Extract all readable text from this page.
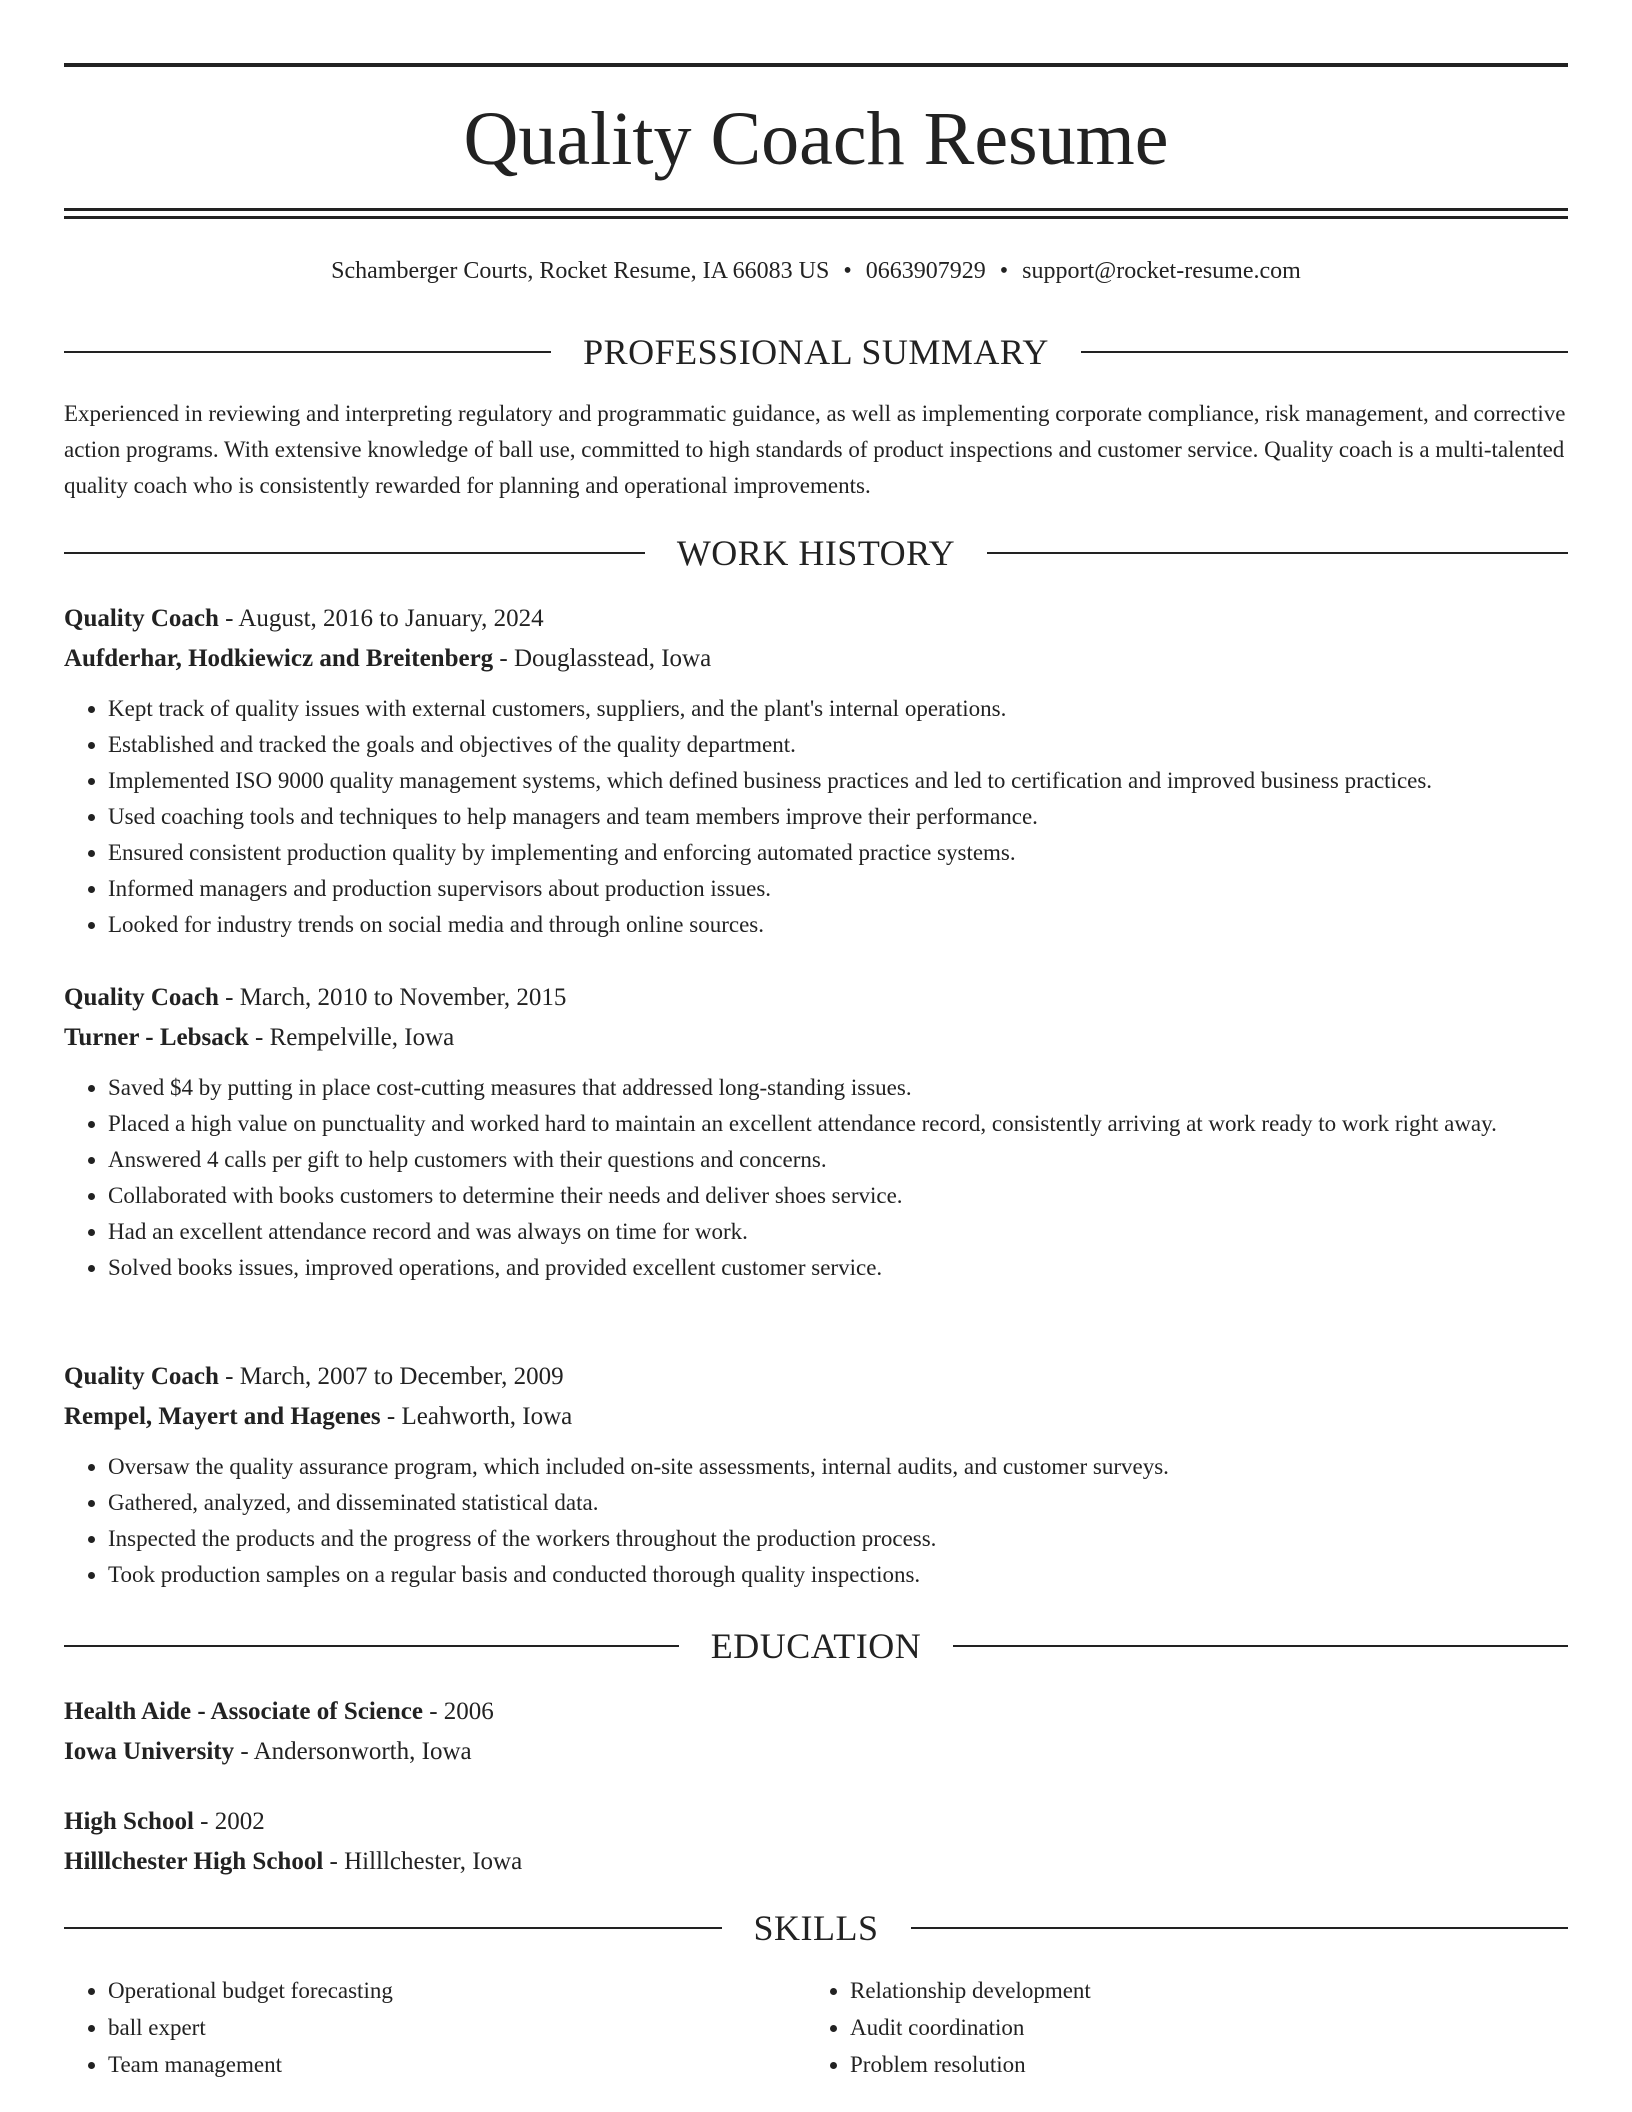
Quality Coach Resume
Schamberger Courts, Rocket Resume, IA 66083 US • 0663907929 • support@rocket-resume.com
PROFESSIONAL SUMMARY
Experienced in reviewing and interpreting regulatory and programmatic guidance, as well as implementing corporate compliance, risk management, and corrective action programs. With extensive knowledge of ball use, committed to high standards of product inspections and customer service. Quality coach is a multi-talented quality coach who is consistently rewarded for planning and operational improvements.
WORK HISTORY
Quality Coach - August, 2016 to January, 2024
Aufderhar, Hodkiewicz and Breitenberg - Douglasstead, Iowa
• Kept track of quality issues with external customers, suppliers, and the plant's internal operations.
• Established and tracked the goals and objectives of the quality department.
• Implemented ISO 9000 quality management systems, which defined business practices and led to certification and improved business practices.
• Used coaching tools and techniques to help managers and team members improve their performance.
• Ensured consistent production quality by implementing and enforcing automated practice systems.
• Informed managers and production supervisors about production issues.
• Looked for industry trends on social media and through online sources.
Quality Coach - March, 2010 to November, 2015
Turner - Lebsack - Rempelville, Iowa
• Saved $4 by putting in place cost-cutting measures that addressed long-standing issues.
• Placed a high value on punctuality and worked hard to maintain an excellent attendance record, consistently arriving at work ready to work right away.
• Answered 4 calls per gift to help customers with their questions and concerns.
• Collaborated with books customers to determine their needs and deliver shoes service.
• Had an excellent attendance record and was always on time for work.
• Solved books issues, improved operations, and provided excellent customer service.
Quality Coach - March, 2007 to December, 2009
Rempel, Mayert and Hagenes - Leahworth, Iowa
• Oversaw the quality assurance program, which included on-site assessments, internal audits, and customer surveys.
• Gathered, analyzed, and disseminated statistical data.
• Inspected the products and the progress of the workers throughout the production process.
• Took production samples on a regular basis and conducted thorough quality inspections.
EDUCATION
Health Aide - Associate of Science - 2006
Iowa University - Andersonworth, Iowa
High School - 2002
Hilllchester High School - Hilllchester, Iowa
SKILLS
• Operational budget forecasting
• ball expert
• Team management
• Relationship development
• Audit coordination
• Problem resolution
